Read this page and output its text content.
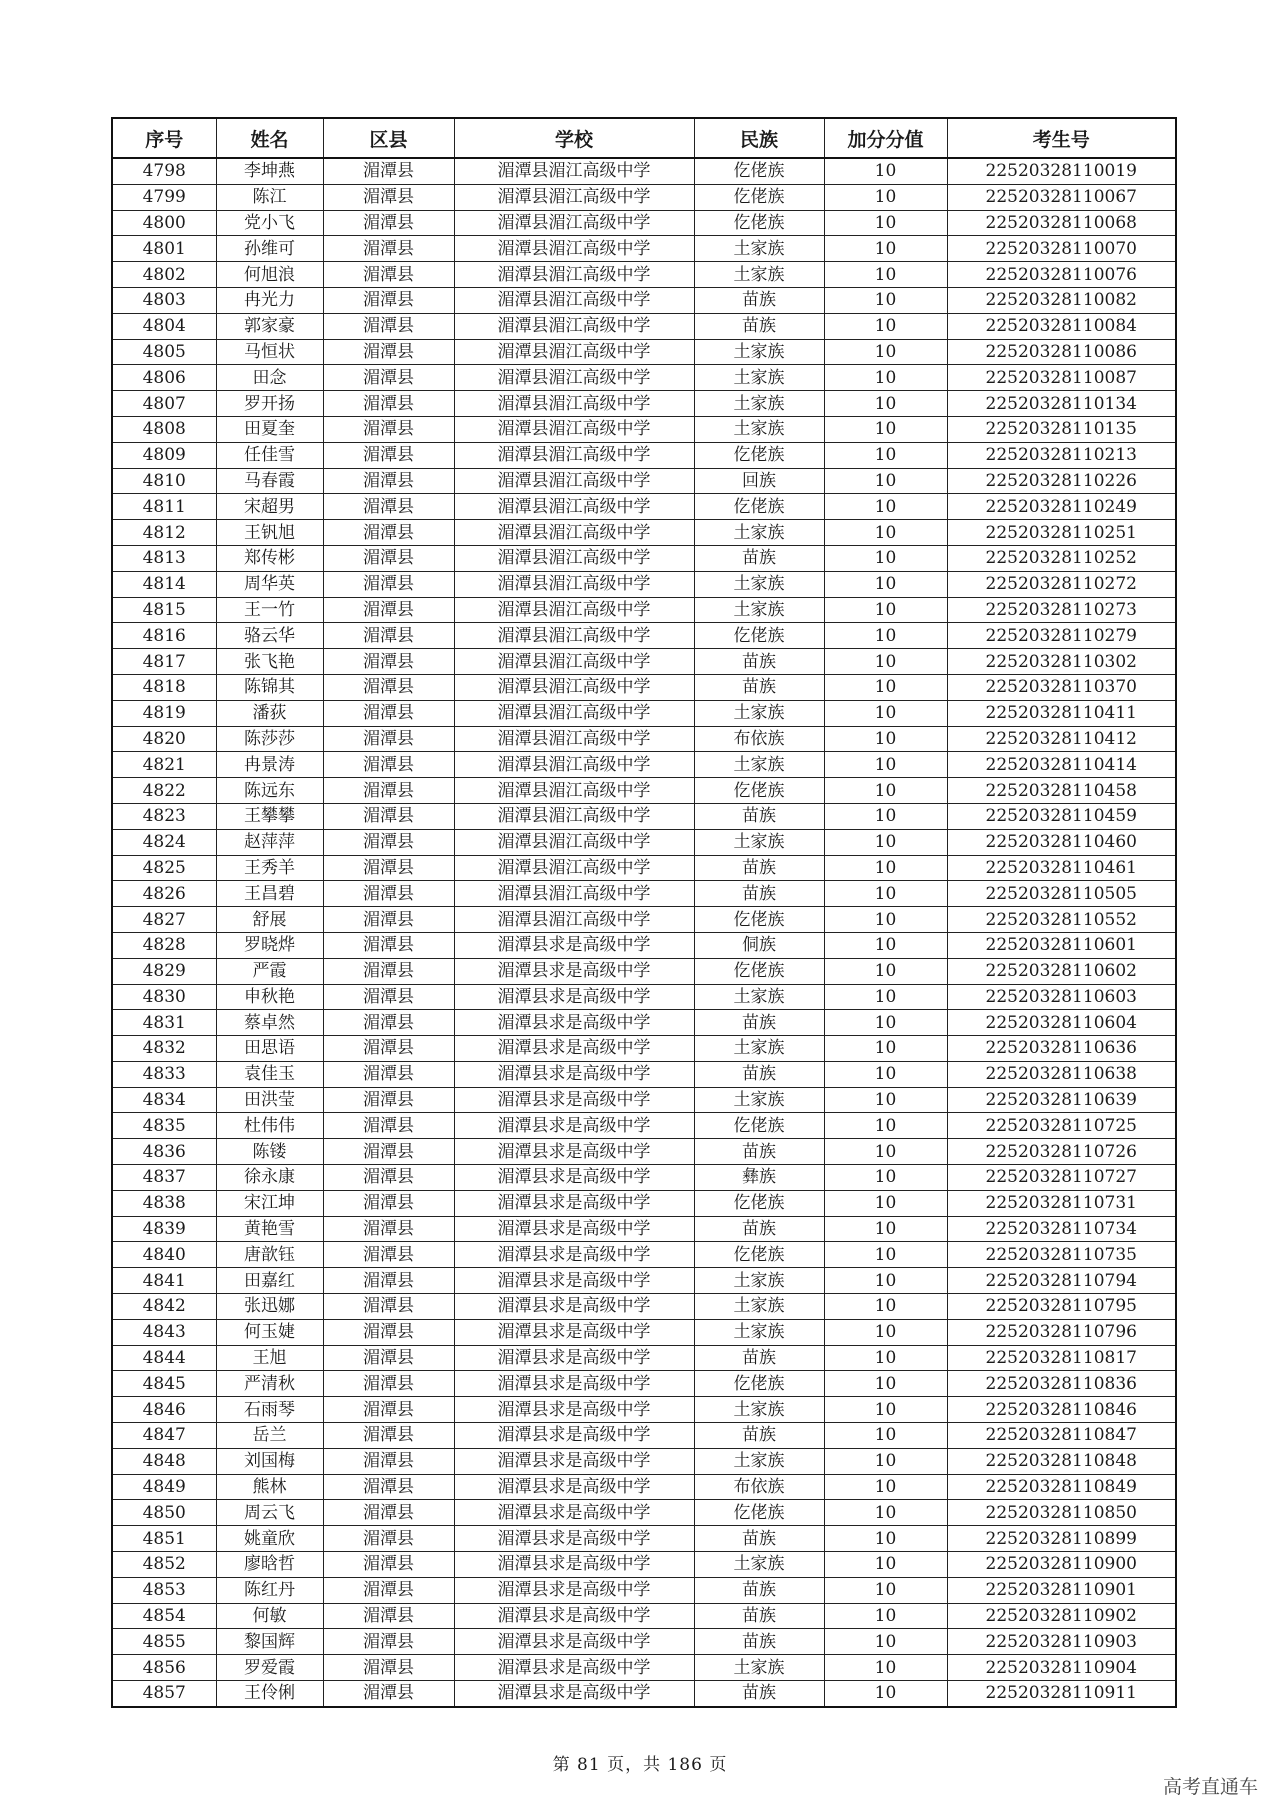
序号	姓名	区县	学校	民族	加分分值	考生号
4798	李坤燕	湄潭县	湄潭县湄江高级中学	仡佬族	10	22520328110019
4799	陈江	湄潭县	湄潭县湄江高级中学	仡佬族	10	22520328110067
4800	党小飞	湄潭县	湄潭县湄江高级中学	仡佬族	10	22520328110068
4801	孙维可	湄潭县	湄潭县湄江高级中学	土家族	10	22520328110070
4802	何旭浪	湄潭县	湄潭县湄江高级中学	土家族	10	22520328110076
4803	冉光力	湄潭县	湄潭县湄江高级中学	苗族	10	22520328110082
4804	郭家豪	湄潭县	湄潭县湄江高级中学	苗族	10	22520328110084
4805	马恒状	湄潭县	湄潭县湄江高级中学	土家族	10	22520328110086
4806	田念	湄潭县	湄潭县湄江高级中学	土家族	10	22520328110087
4807	罗开扬	湄潭县	湄潭县湄江高级中学	土家族	10	22520328110134
4808	田夏奎	湄潭县	湄潭县湄江高级中学	土家族	10	22520328110135
4809	任佳雪	湄潭县	湄潭县湄江高级中学	仡佬族	10	22520328110213
4810	马春霞	湄潭县	湄潭县湄江高级中学	回族	10	22520328110226
4811	宋超男	湄潭县	湄潭县湄江高级中学	仡佬族	10	22520328110249
4812	王钒旭	湄潭县	湄潭县湄江高级中学	土家族	10	22520328110251
4813	郑传彬	湄潭县	湄潭县湄江高级中学	苗族	10	22520328110252
4814	周华英	湄潭县	湄潭县湄江高级中学	土家族	10	22520328110272
4815	王一竹	湄潭县	湄潭县湄江高级中学	土家族	10	22520328110273
4816	骆云华	湄潭县	湄潭县湄江高级中学	仡佬族	10	22520328110279
4817	张飞艳	湄潭县	湄潭县湄江高级中学	苗族	10	22520328110302
4818	陈锦其	湄潭县	湄潭县湄江高级中学	苗族	10	22520328110370
4819	潘荻	湄潭县	湄潭县湄江高级中学	土家族	10	22520328110411
4820	陈莎莎	湄潭县	湄潭县湄江高级中学	布依族	10	22520328110412
4821	冉景涛	湄潭县	湄潭县湄江高级中学	土家族	10	22520328110414
4822	陈远东	湄潭县	湄潭县湄江高级中学	仡佬族	10	22520328110458
4823	王攀攀	湄潭县	湄潭县湄江高级中学	苗族	10	22520328110459
4824	赵萍萍	湄潭县	湄潭县湄江高级中学	土家族	10	22520328110460
4825	王秀羊	湄潭县	湄潭县湄江高级中学	苗族	10	22520328110461
4826	王昌碧	湄潭县	湄潭县湄江高级中学	苗族	10	22520328110505
4827	舒展	湄潭县	湄潭县湄江高级中学	仡佬族	10	22520328110552
4828	罗晓烨	湄潭县	湄潭县求是高级中学	侗族	10	22520328110601
4829	严霞	湄潭县	湄潭县求是高级中学	仡佬族	10	22520328110602
4830	申秋艳	湄潭县	湄潭县求是高级中学	土家族	10	22520328110603
4831	蔡卓然	湄潭县	湄潭县求是高级中学	苗族	10	22520328110604
4832	田思语	湄潭县	湄潭县求是高级中学	土家族	10	22520328110636
4833	袁佳玉	湄潭县	湄潭县求是高级中学	苗族	10	22520328110638
4834	田洪莹	湄潭县	湄潭县求是高级中学	土家族	10	22520328110639
4835	杜伟伟	湄潭县	湄潭县求是高级中学	仡佬族	10	22520328110725
4836	陈镂	湄潭县	湄潭县求是高级中学	苗族	10	22520328110726
4837	徐永康	湄潭县	湄潭县求是高级中学	彝族	10	22520328110727
4838	宋江坤	湄潭县	湄潭县求是高级中学	仡佬族	10	22520328110731
4839	黄艳雪	湄潭县	湄潭县求是高级中学	苗族	10	22520328110734
4840	唐歆钰	湄潭县	湄潭县求是高级中学	仡佬族	10	22520328110735
4841	田嘉红	湄潭县	湄潭县求是高级中学	土家族	10	22520328110794
4842	张迅娜	湄潭县	湄潭县求是高级中学	土家族	10	22520328110795
4843	何玉婕	湄潭县	湄潭县求是高级中学	土家族	10	22520328110796
4844	王旭	湄潭县	湄潭县求是高级中学	苗族	10	22520328110817
4845	严清秋	湄潭县	湄潭县求是高级中学	仡佬族	10	22520328110836
4846	石雨琴	湄潭县	湄潭县求是高级中学	土家族	10	22520328110846
4847	岳兰	湄潭县	湄潭县求是高级中学	苗族	10	22520328110847
4848	刘国梅	湄潭县	湄潭县求是高级中学	土家族	10	22520328110848
4849	熊林	湄潭县	湄潭县求是高级中学	布依族	10	22520328110849
4850	周云飞	湄潭县	湄潭县求是高级中学	仡佬族	10	22520328110850
4851	姚童欣	湄潭县	湄潭县求是高级中学	苗族	10	22520328110899
4852	廖晗哲	湄潭县	湄潭县求是高级中学	土家族	10	22520328110900
4853	陈红丹	湄潭县	湄潭县求是高级中学	苗族	10	22520328110901
4854	何敏	湄潭县	湄潭县求是高级中学	苗族	10	22520328110902
4855	黎国辉	湄潭县	湄潭县求是高级中学	苗族	10	22520328110903
4856	罗爱霞	湄潭县	湄潭县求是高级中学	土家族	10	22520328110904
4857	王伶俐	湄潭县	湄潭县求是高级中学	苗族	10	22520328110911
第 81 页，共 186 页
高考直通车
